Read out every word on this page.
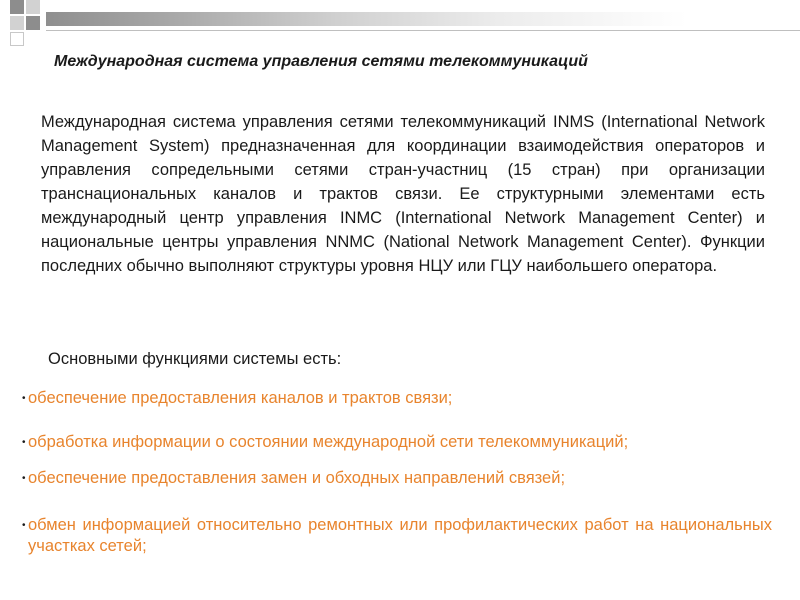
Международная система управления сетями телекоммуникаций
Международная система управления сетями телекоммуникаций INMS (International Network Management System) предназначенная для координации взаимодействия операторов и управления сопредельными сетями стран-участниц (15 стран) при организации транснациональных каналов и трактов связи. Ее структурными элементами есть международный центр управления INMC (International Network Management Center) и национальные центры управления NNMC (National Network Management Center). Функции последних обычно выполняют структуры уровня НЦУ или ГЦУ наибольшего оператора.
Основными функциями системы есть:
• обеспечение предоставления каналов и трактов связи;
• обработка информации о состоянии международной сети телекоммуникаций;
• обеспечение предоставления замен и обходных направлений связей;
• обмен информацией относительно ремонтных или профилактических работ на национальных участках сетей;
